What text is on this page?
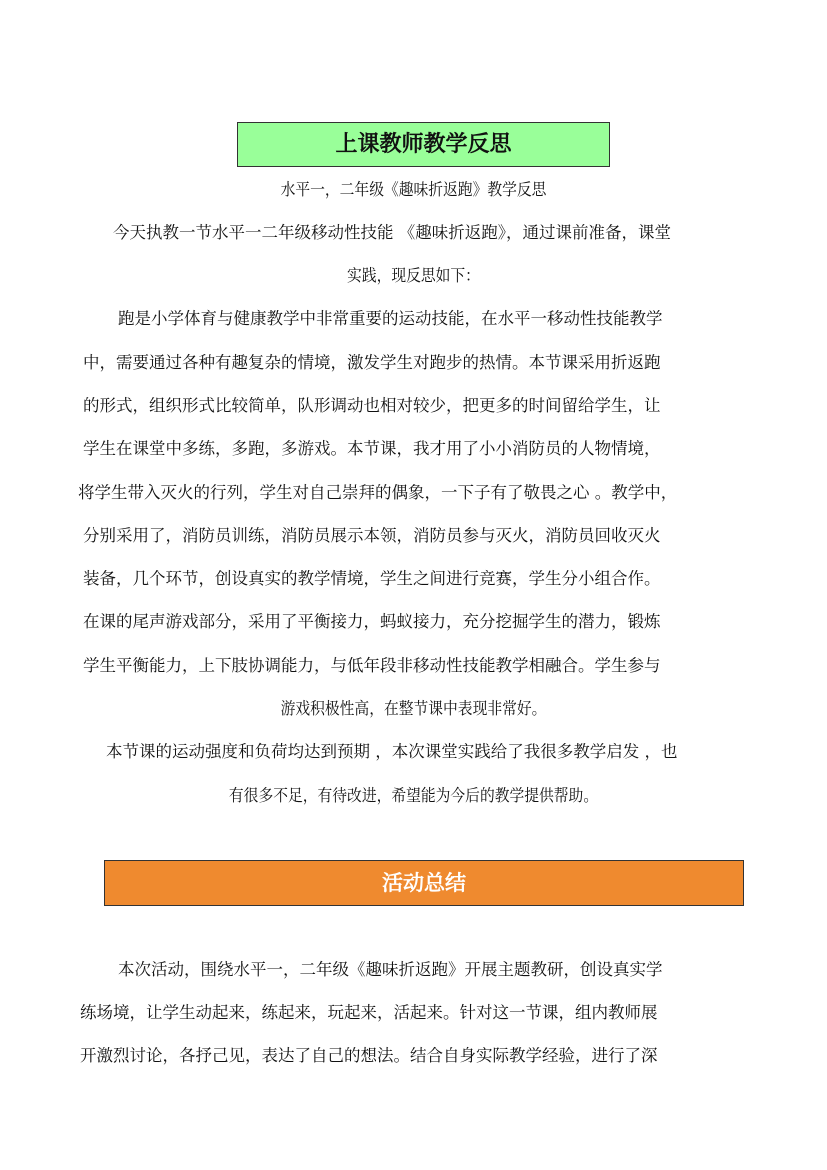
上课教师教学反思
水平一，二年级《趣味折返跑》教学反思
今天执教一节水平一二年级移动性技能 《趣味折返跑》，通过课前准备，课堂
实践，现反思如下：
跑是小学体育与健康教学中非常重要的运动技能，在水平一移动性技能教学
中，需要通过各种有趣复杂的情境，激发学生对跑步的热情。本节课采用折返跑
的形式，组织形式比较简单，队形调动也相对较少，把更多的时间留给学生，让
学生在课堂中多练，多跑，多游戏。本节课，我才用了小小消防员的人物情境，
将学生带入灭火的行列，学生对自己崇拜的偶象，一下子有了敬畏之心 。教学中，
分别采用了，消防员训练，消防员展示本领，消防员参与灭火，消防员回收灭火
装备，几个环节，创设真实的教学情境，学生之间进行竞赛，学生分小组合作。
在课的尾声游戏部分，采用了平衡接力，蚂蚁接力，充分挖掘学生的潜力，锻炼
学生平衡能力，上下肢协调能力，与低年段非移动性技能教学相融合。学生参与
游戏积极性高，在整节课中表现非常好。
本节课的运动强度和负荷均达到预期 ，本次课堂实践给了我很多教学启发 ，也
有很多不足，有待改进，希望能为今后的教学提供帮助。
活动总结
本次活动，围绕水平一，二年级《趣味折返跑》开展主题教研，创设真实学
练场境，让学生动起来，练起来，玩起来，活起来。针对这一节课，组内教师展
开激烈讨论，各抒己见，表达了自己的想法。结合自身实际教学经验，进行了深
